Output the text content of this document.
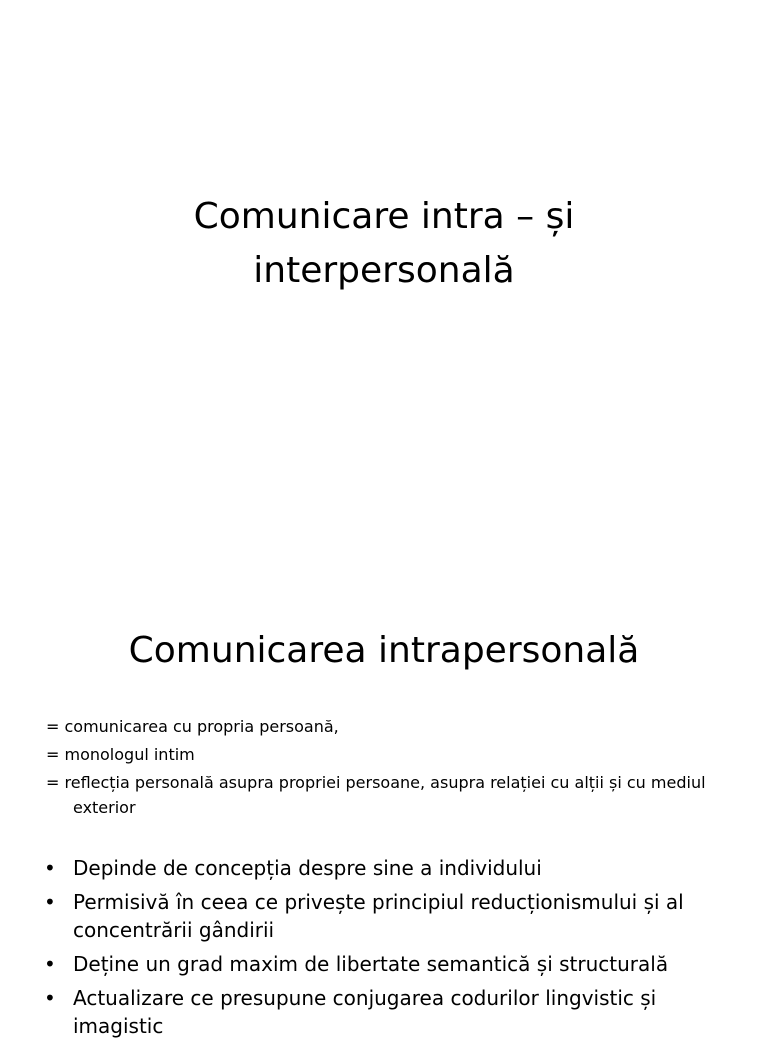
Comunicare intra – și
interpersonală
Comunicarea intrapersonală
= comunicarea cu propria persoană,
= monologul intim
= reflecția personală asupra propriei persoane, asupra relației cu alții și cu mediul exterior
• Depinde de concepția despre sine a individului
• Permisivă în ceea ce privește principiul reducționismului și al concentrării gândirii
• Deține un grad maxim de libertate semantică și structurală
• Actualizare ce presupune conjugarea codurilor lingvistic și imagistic
